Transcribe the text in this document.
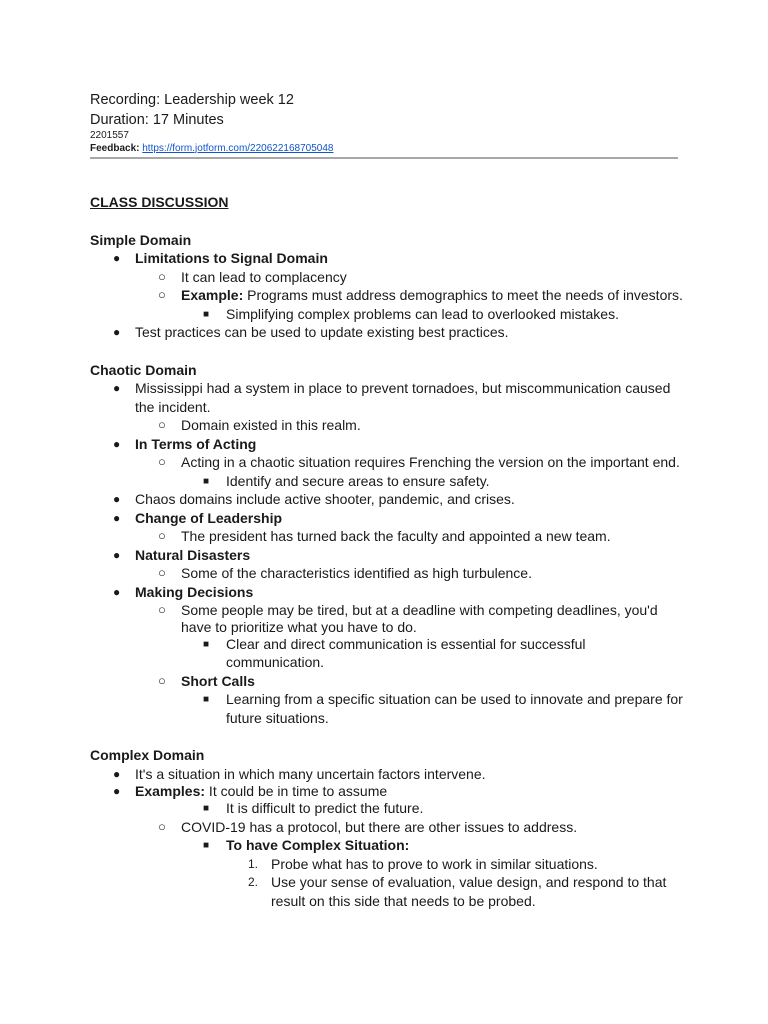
Recording: Leadership week 12
Duration: 17 Minutes
2201557
Feedback: https://form.jotform.com/220622168705048
CLASS DISCUSSION
Simple Domain
● Limitations to Signal Domain
○ It can lead to complacency
○ Example: Programs must address demographics to meet the needs of investors.
■ Simplifying complex problems can lead to overlooked mistakes.
● Test practices can be used to update existing best practices.
Chaotic Domain
● Mississippi had a system in place to prevent tornadoes, but miscommunication caused
the incident.
○ Domain existed in this realm.
● In Terms of Acting
○ Acting in a chaotic situation requires Frenching the version on the important end.
■ Identify and secure areas to ensure safety.
● Chaos domains include active shooter, pandemic, and crises.
● Change of Leadership
○ The president has turned back the faculty and appointed a new team.
● Natural Disasters
○ Some of the characteristics identified as high turbulence.
● Making Decisions
○ Some people may be tired, but at a deadline with competing deadlines, you'd
have to prioritize what you have to do.
■ Clear and direct communication is essential for successful
communication.
○ Short Calls
■ Learning from a specific situation can be used to innovate and prepare for
future situations.
Complex Domain
● It's a situation in which many uncertain factors intervene.
● Examples: It could be in time to assume
■ It is difficult to predict the future.
○ COVID-19 has a protocol, but there are other issues to address.
■ To have Complex Situation:
1. Probe what has to prove to work in similar situations.
2. Use your sense of evaluation, value design, and respond to that
result on this side that needs to be probed.
